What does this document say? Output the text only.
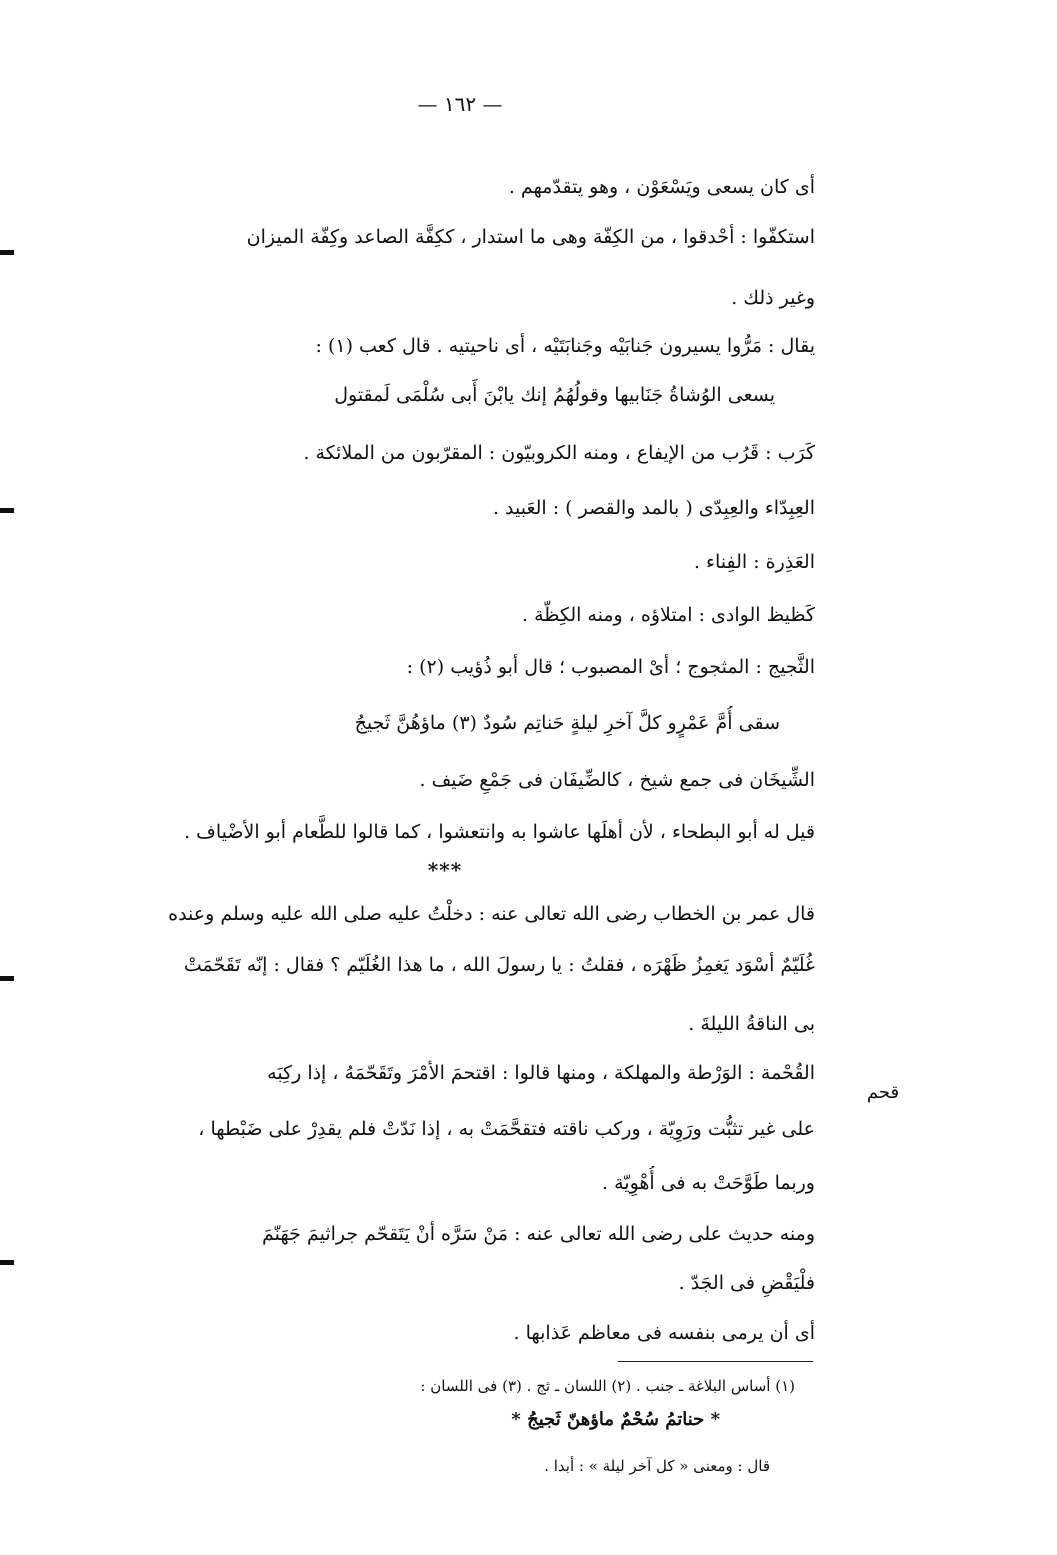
— ١٦٢ —
أى كان يسعى ويَسْعَوْن ، وهو يتقدّمهم .
استكفّوا : أحْدقوا ، من الكِفّة وهى ما استدار ، ككِفَّة الصاعد وكِفّة الميزان
وغير ذلك .
يقال : مَرُّوا يسيرون جَنابَيْه وجَنابَتَيْه ، أى ناحيتيه . قال كعب (١) :
يسعى الوُشاةُ جَنَابيها وقولُهُمُ إنك يابْنَ أَبى سُلْمَى لَمقتول
كَرَب : قَرُب من الإيفاع ، ومنه الكروبيّون : المقرّبون من الملائكة .
العِبِدّاء والعِبِدّى ( بالمد والقصر ) : العَبيد .
العَذِرة : الفِناء .
كَظيظ الوادى : امتلاؤه ، ومنه الكِظّة .
الثَّجيج : المثجوج ؛ أىْ المصبوب ؛ قال أبو ذُؤيب (٢) :
سقى أُمَّ عَمْرٍو كلَّ آخرِ ليلةٍ حَناتِم سُودٌ (٣) ماؤهُنَّ ثَجيجُ
الشِّيخَان فى جمع شيخ ، كالضِّيفَان فى جَمْعِ ضَيف .
قيل له أبو البطحاء ، لأن أهلَها عاشوا به وانتعشوا ، كما قالوا للطَّعام أبو الأضْياف .
***
قال عمر بن الخطاب رضى الله تعالى عنه : دخلْتُ عليه صلى الله عليه وسلم وعنده
غُلَيّمٌ أسْوَد يَغمِزُ ظَهْرَه ، فقلتُ : يا رسولَ الله ، ما هذا الغُلَيّم ؟ فقال : إنّه تَقَحّمَتْ
بى الناقةُ الليلةَ .
القُحْمة : الوَرْطة والمهلكة ، ومنها قالوا : اقتحمَ الأمْرَ وتَقَحّمَهُ ، إذا ركِبَه
على غير تثبُّت ورَوِيّة ، وركب ناقته فتقحَّمَتْ به ، إذا نَدّتْ فلم يقدِرْ على ضَبْطها ،
وربما طَوَّحَتْ به فى أُهْوِيّة .
ومنه حديث على رضى الله تعالى عنه : مَنْ سَرَّه أنْ يَتَقحّم جراثيمَ جَهَنّمَ
فلْيَقْضِ فى الجَدّ .
أى أن يرمى بنفسه فى معاظم عَذابها .
قحم
(١) أساس البلاغة ـ جنب . (٢) اللسان ـ ثج . (٣) فى اللسان :
* حناتمُ سُحْمٌ ماؤهنّ ثَجيجُ *
قال : ومعنى « كل آخر ليلة » : أبدا .
